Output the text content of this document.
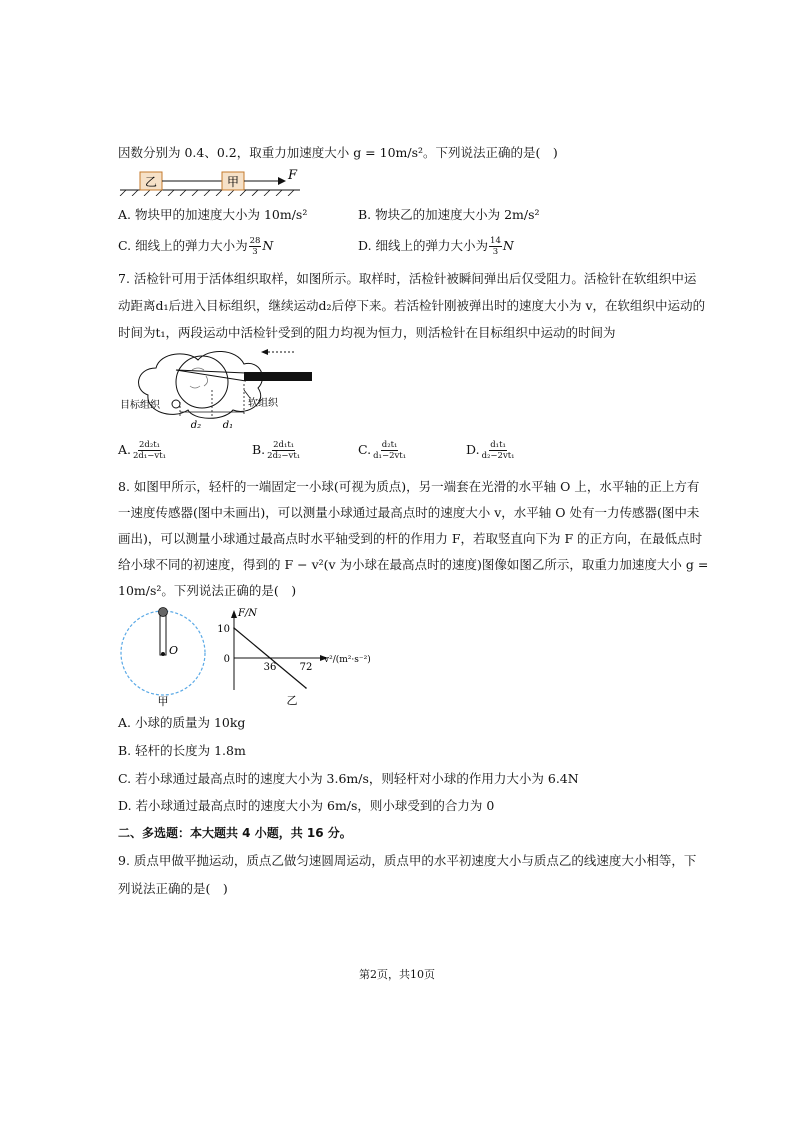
因数分别为 0.4、0.2，取重力加速度大小 g = 10m/s²。下列说法正确的是(　)
乙	甲	F
A. 物块甲的加速度大小为 10m/s²	B. 物块乙的加速度大小为 2m/s²
C. 细线上的弹力大小为 $\frac{28}{3}$ N	D. 细线上的弹力大小为 $\frac{14}{3}$ N
7. 活检针可用于活体组织取样，如图所示。取样时，活检针被瞬间弹出后仅受阻力。活检针在软组织中运
动距离d₁后进入目标组织，继续运动d₂后停下来。若活检针刚被弹出时的速度大小为 v，在软组织中运动的
时间为t₁，两段运动中活检针受到的阻力均视为恒力，则活检针在目标组织中运动的时间为
目标组织	软组织
d₂ d₁
A. $\frac{\text{2d₂t₁}}{\text{2d₁−vt₁}}$	B. $\frac{\text{2d₁t₁}}{\text{2d₂−vt₁}}$	C. $\frac{\text{d₂t₁}}{\text{d₁−2vt₁}}$	D. $\frac{\text{d₁t₁}}{\text{d₂−2vt₁}}$
8. 如图甲所示，轻杆的一端固定一小球(可视为质点)，另一端套在光滑的水平轴 O 上，水平轴的正上方有
一速度传感器(图中未画出)，可以测量小球通过最高点时的速度大小 v，水平轴 O 处有一力传感器(图中未
画出)，可以测量小球通过最高点时水平轴受到的杆的作用力 F，若取竖直向下为 F 的正方向，在最低点时
给小球不同的初速度，得到的 F − v²(v 为小球在最高点时的速度)图像如图乙所示，取重力加速度大小 g =
10m/s²。下列说法正确的是(　)
O
甲
F/N
v²/(m²·s⁻²)
10
0
36 72
乙
A. 小球的质量为 10kg
B. 轻杆的长度为 1.8m
C. 若小球通过最高点时的速度大小为 3.6m/s，则轻杆对小球的作用力大小为 6.4N
D. 若小球通过最高点时的速度大小为 6m/s，则小球受到的合力为 0
二、多选题：本大题共 4 小题，共 16 分。
9. 质点甲做平抛运动，质点乙做匀速圆周运动，质点甲的水平初速度大小与质点乙的线速度大小相等，下
列说法正确的是(　)
第2页，共10页
